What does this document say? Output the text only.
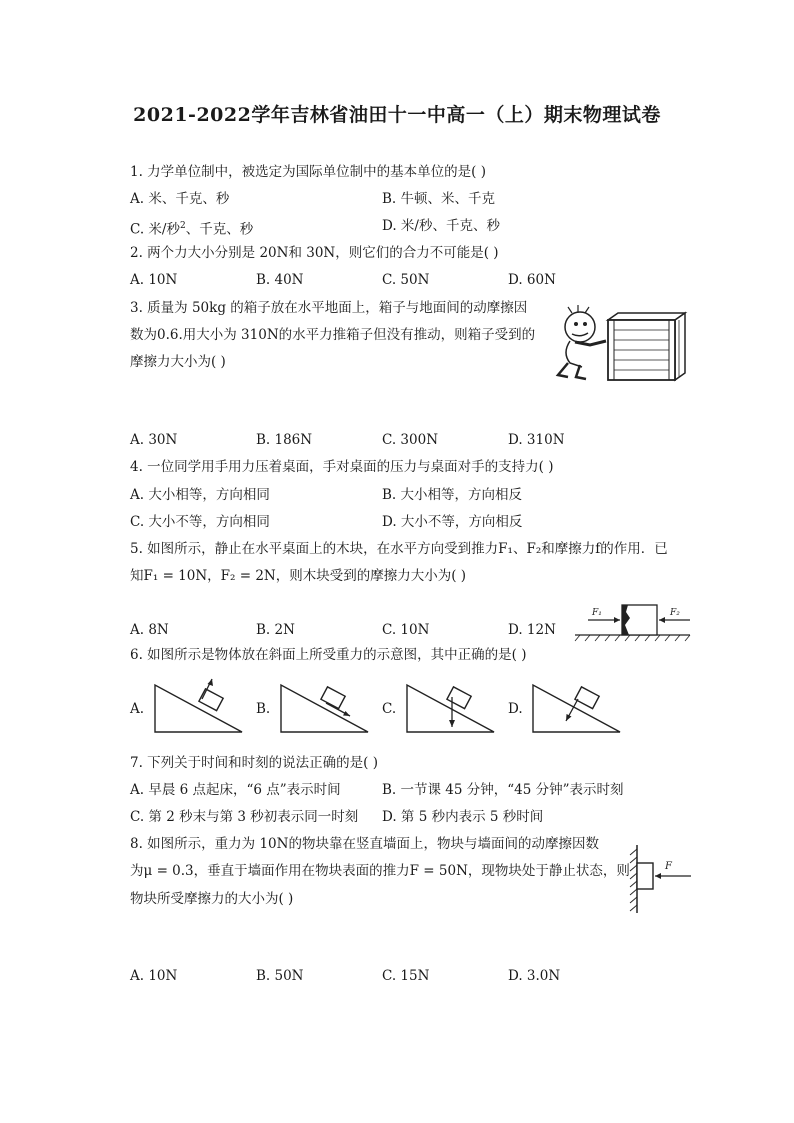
2021-2022学年吉林省油田十一中高一（上）期末物理试卷
1. 力学单位制中，被选定为国际单位制中的基本单位的是( )
A. 米、千克、秒	B. 牛顿、米、千克
C. 米/秒$^2$、千克、秒	D. 米/秒、千克、秒
2. 两个力大小分别是 20N和 30N，则它们的合力不可能是( )
A. 10N	B. 40N	C. 50N	D. 60N
3. 质量为 50kg 的箱子放在水平地面上，箱子与地面间的动摩擦因
数为0.6.用大小为 310N的水平力推箱子但没有推动，则箱子受到的
摩擦力大小为( )
A. 30N	B. 186N	C. 300N	D. 310N
4. 一位同学用手用力压着桌面，手对桌面的压力与桌面对手的支持力( )
A. 大小相等，方向相同	B. 大小相等，方向相反
C. 大小不等，方向相同	D. 大小不等，方向相反
5. 如图所示，静止在水平桌面上的木块，在水平方向受到推力F₁、F₂和摩擦力f的作用．已
知F₁ = 10N，F₂ = 2N，则木块受到的摩擦力大小为( )
A. 8N	B. 2N	C. 10N	D. 12N
F₁	F₂
6. 如图所示是物体放在斜面上所受重力的示意图，其中正确的是( )
A.	B.	C.	D.
7. 下列关于时间和时刻的说法正确的是( )
A. 早晨 6 点起床，“6 点”表示时间	B. 一节课 45 分钟，“45 分钟”表示时刻
C. 第 2 秒末与第 3 秒初表示同一时刻 D. 第 5 秒内表示 5 秒时间
8. 如图所示，重力为 10N的物块靠在竖直墙面上，物块与墙面间的动摩擦因数
为μ = 0.3，垂直于墙面作用在物块表面的推力F = 50N，现物块处于静止状态，则
物块所受摩擦力的大小为( )
F
A. 10N	B. 50N	C. 15N	D. 3.0N
